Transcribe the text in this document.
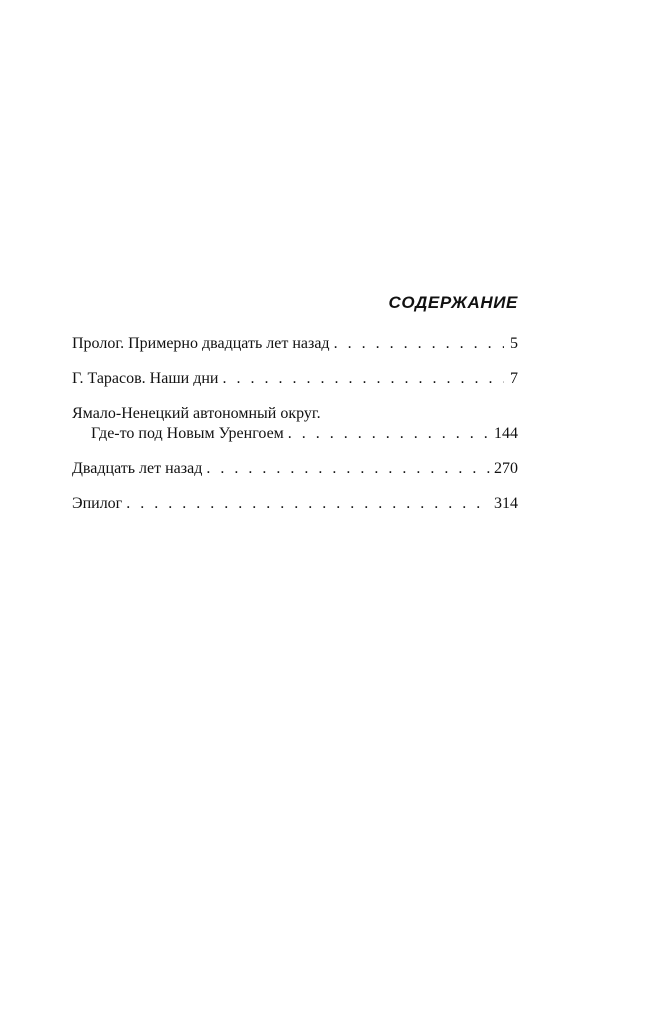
СОДЕРЖАНИЕ
Пролог. Примерно двадцать лет назад . . .	5
Г. Тарасов. Наши дни . . .	7
Ямало-Ненецкий автономный округ.
Где-то под Новым Уренгоем . . .	144
Двадцать лет назад . . .	270
Эпилог . . .	314
